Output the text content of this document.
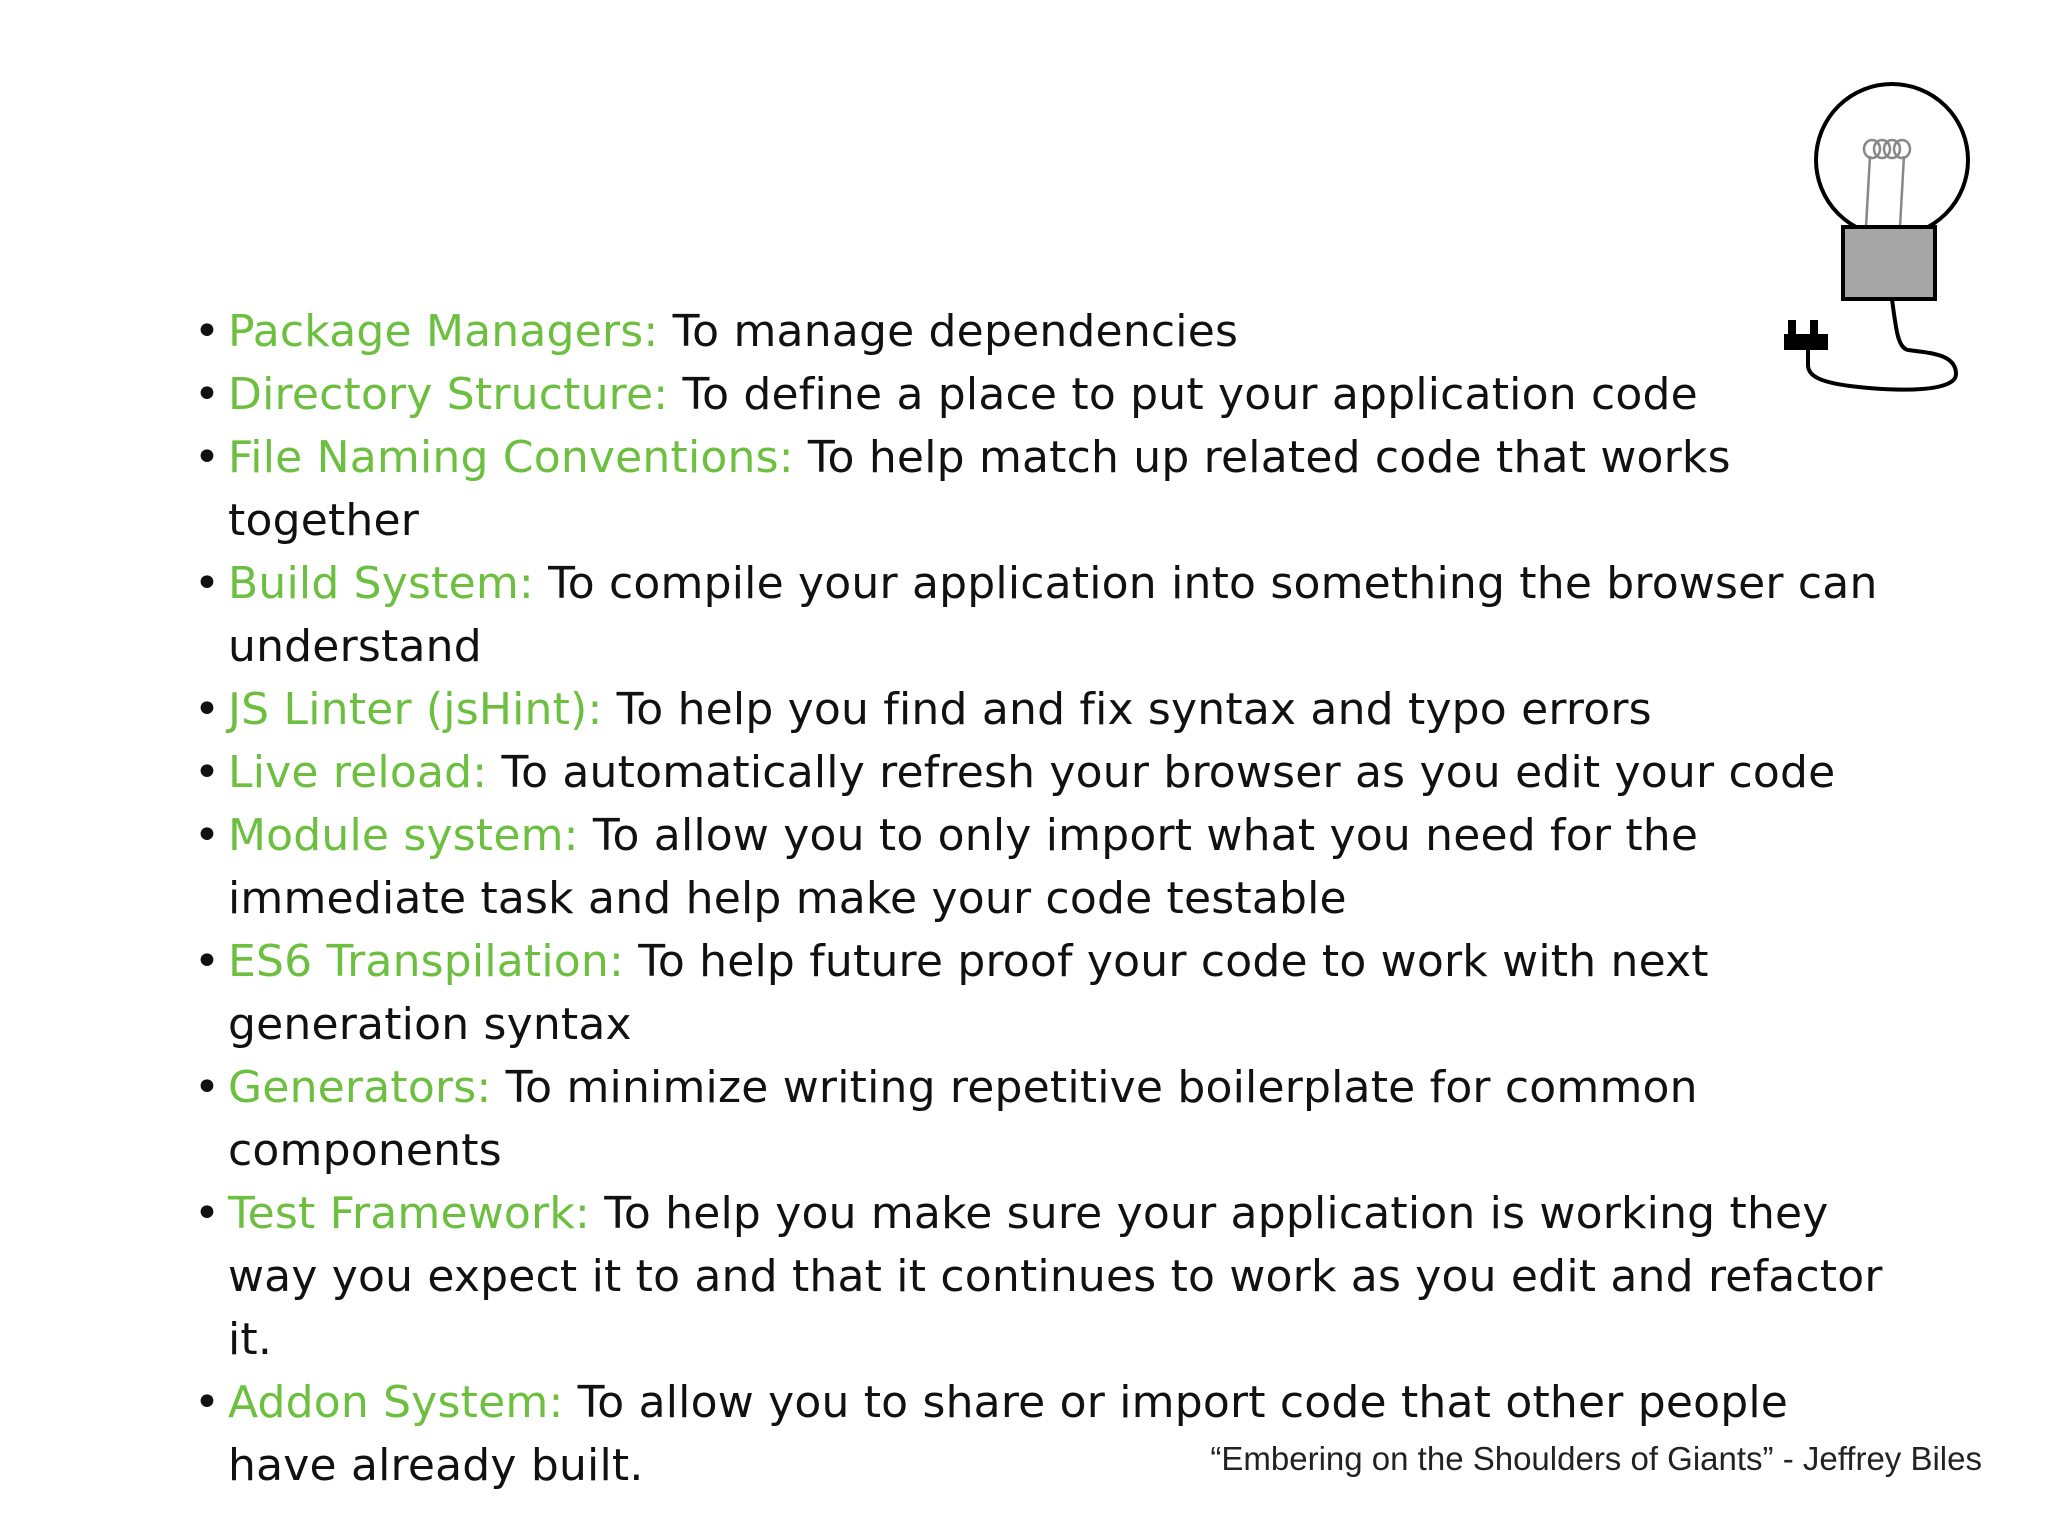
• Package Managers: To manage dependencies
• Directory Structure: To define a place to put your application code
• File Naming Conventions: To help match up related code that works together
• Build System: To compile your application into something the browser can understand
• JS Linter (jsHint): To help you find and fix syntax and typo errors
• Live reload: To automatically refresh your browser as you edit your code
• Module system: To allow you to only import what you need for the immediate task and help make your code testable
• ES6 Transpilation: To help future proof your code to work with next generation syntax
• Generators: To minimize writing repetitive boilerplate for common components
• Test Framework: To help you make sure your application is working they way you expect it to and that it continues to work as you edit and refactor it.
• Addon System: To allow you to share or import code that other people have already built.	“Embering on the Shoulders of Giants” - Jeffrey Biles
